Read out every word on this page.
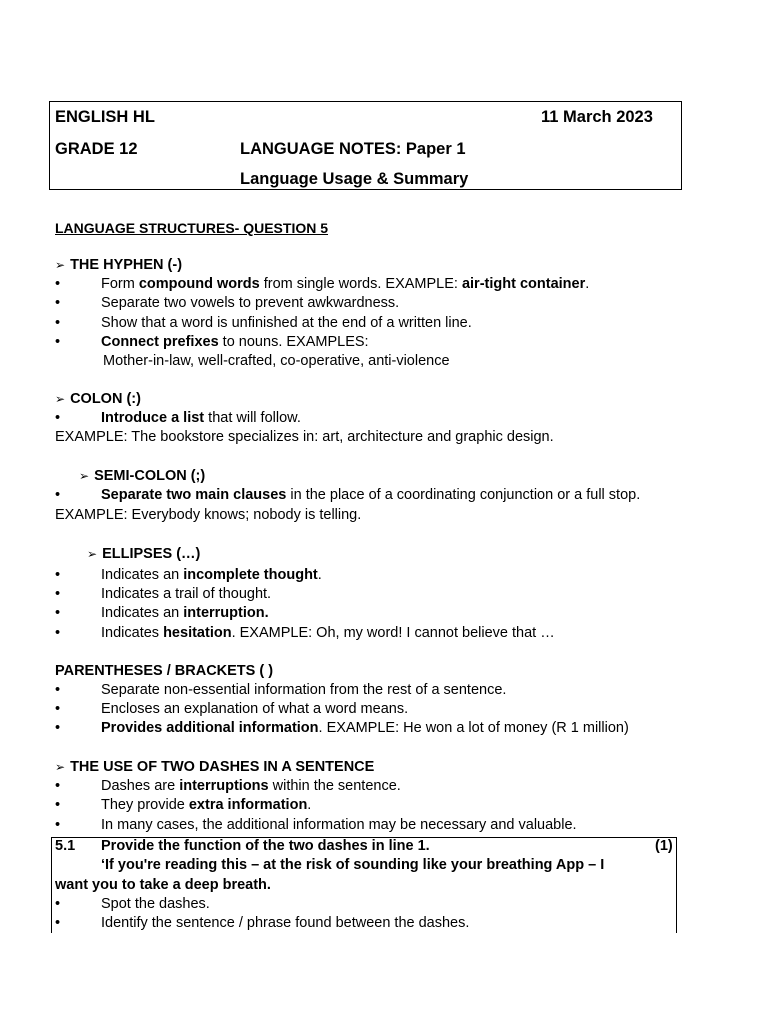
ENGLISH HL	11 March 2023
GRADE 12	LANGUAGE NOTES: Paper 1
Language Usage & Summary
LANGUAGE STRUCTURES- QUESTION 5
➢ THE HYPHEN (-)
•	Form compound words from single words. EXAMPLE: air-tight container.
•	Separate two vowels to prevent awkwardness.
•	Show that a word is unfinished at the end of a written line.
•	Connect prefixes to nouns. EXAMPLES:
Mother-in-law, well-crafted, co-operative, anti-violence
➢ COLON (:)
•	Introduce a list that will follow.
EXAMPLE: The bookstore specializes in: art, architecture and graphic design.
➢ SEMI-COLON (;)
•	Separate two main clauses in the place of a coordinating conjunction or a full stop.
EXAMPLE: Everybody knows; nobody is telling.
➢ ELLIPSES (…)
•	Indicates an incomplete thought.
•	Indicates a trail of thought.
•	Indicates an interruption.
•	Indicates hesitation. EXAMPLE: Oh, my word! I cannot believe that …
PARENTHESES / BRACKETS ( )
•	Separate non-essential information from the rest of a sentence.
•	Encloses an explanation of what a word means.
•	Provides additional information. EXAMPLE: He won a lot of money (R 1 million)
➢ THE USE OF TWO DASHES IN A SENTENCE
•	Dashes are interruptions within the sentence.
•	They provide extra information.
•	In many cases, the additional information may be necessary and valuable.
5.1 Provide the function of the two dashes in line 1.	(1)
‘If you're reading this – at the risk of sounding like your breathing App – I
want you to take a deep breath.
•	Spot the dashes.
•	Identify the sentence / phrase found between the dashes.
